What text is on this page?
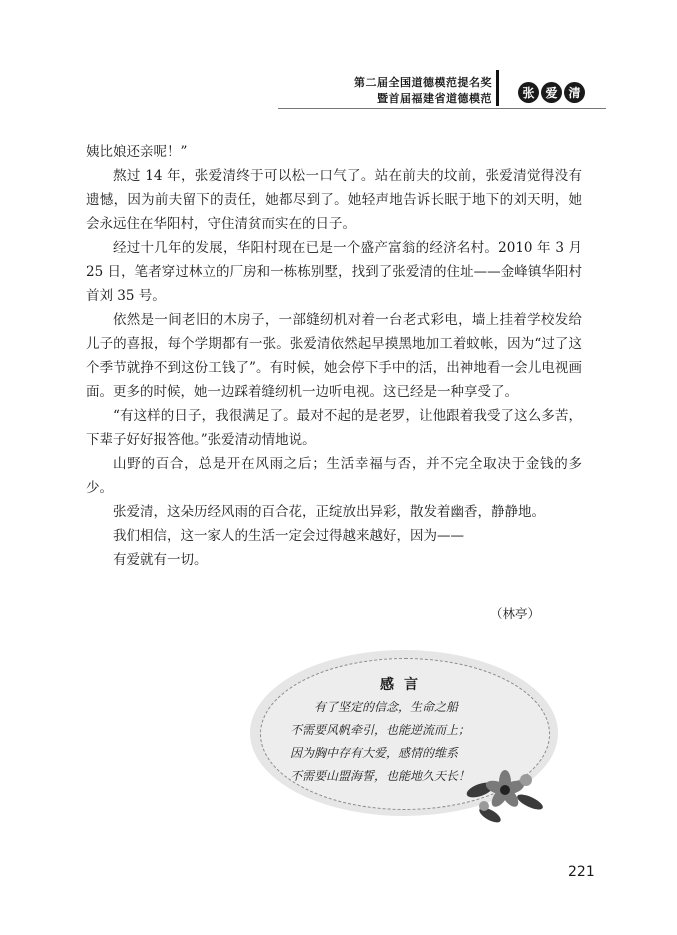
第二届全国道德模范提名奖
暨首届福建省道德模范	张 爱 清

姨比娘还亲呢！”

熬过 14 年，张爱清终于可以松一口气了。站在前夫的坟前，张爱清觉得没有遗憾，因为前夫留下的责任，她都尽到了。她轻声地告诉长眠于地下的刘天明，她会永远住在华阳村，守住清贫而实在的日子。

经过十几年的发展，华阳村现在已是一个盛产富翁的经济名村。2010 年 3 月 25 日，笔者穿过林立的厂房和一栋栋别墅，找到了张爱清的住址——金峰镇华阳村首刘 35 号。

依然是一间老旧的木房子，一部缝纫机对着一台老式彩电，墙上挂着学校发给儿子的喜报，每个学期都有一张。张爱清依然起早摸黑地加工着蚊帐，因为“过了这个季节就挣不到这份工钱了”。有时候，她会停下手中的活，出神地看一会儿电视画面。更多的时候，她一边踩着缝纫机一边听电视。这已经是一种享受了。

“有这样的日子，我很满足了。最对不起的是老罗，让他跟着我受了这么多苦，下辈子好好报答他。”张爱清动情地说。

山野的百合，总是开在风雨之后；生活幸福与否，并不完全取决于金钱的多少。

张爱清，这朵历经风雨的百合花，正绽放出异彩，散发着幽香，静静地。

我们相信，这一家人的生活一定会过得越来越好，因为——

有爱就有一切。

（林亭）
感言
有了坚定的信念，生命之船
不需要风帆牵引，也能逆流而上；
因为胸中存有大爱，感情的维系
不需要山盟海誓，也能地久天长！
221
